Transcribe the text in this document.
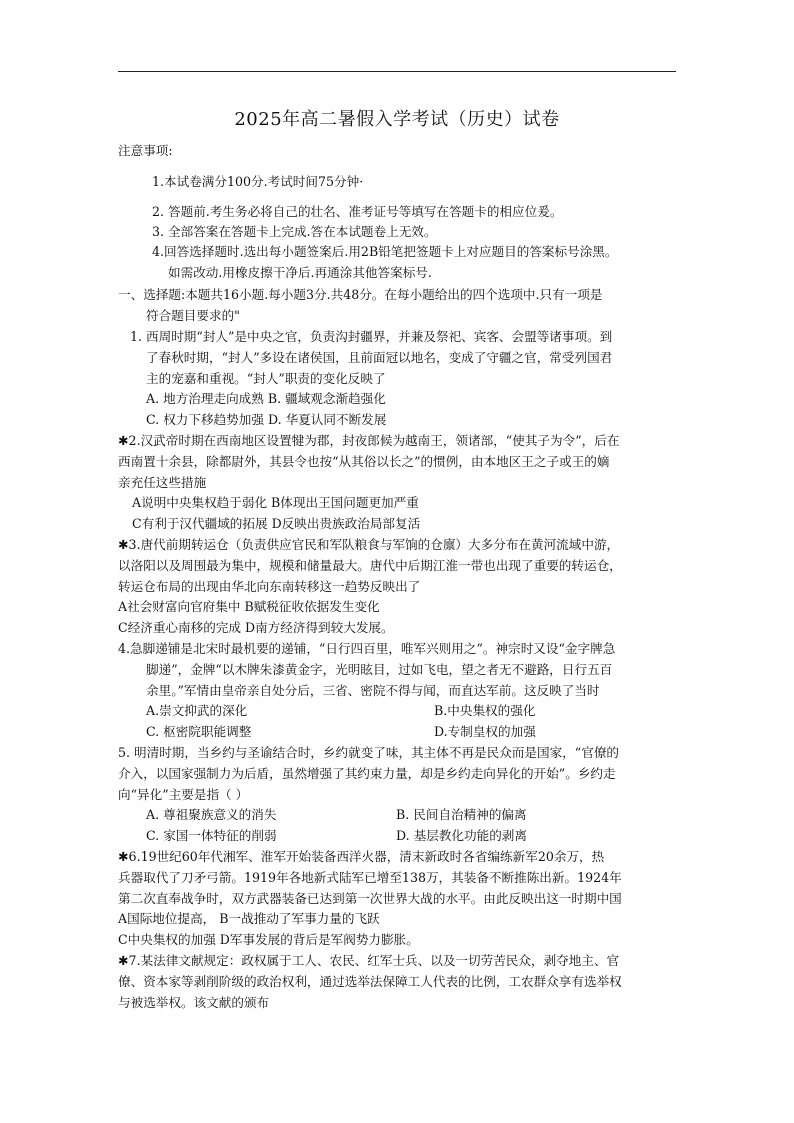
2025年高二暑假入学考试（历史）试卷
注意事项:
1.本试卷满分100分.考试时间75分钟·
2. 答题前.考生务必将自己的壮名、准考证号等填写在答题卡的相应位爰。
3. 全部答案在答题卡上完成.答在本试题卷上无效。
4.回答选择题时.选出每小题签案后.用2B铅笔把签题卡上对应题目的答案标号涂黑。
如需改动.用橡皮擦干净后.再通涂其他答案标号.
一、选择题:本题共16小题.每小题3分.共48分。在每小题给出的四个选项中.只有一项是
符合题目要求的"
1. 西周时期“封人”是中央之官，负责沟封疆界，并兼及祭祀、宾客、会盟等诸事项。到
了春秋时期，“封人”多设在诸侯国，且前面冠以地名，变成了守疆之官，常受列国君
主的宠嘉和重视。“封人”职责的变化反映了
A. 地方治理走向成熟 B. 疆域观念渐趋强化
C. 权力下移趋势加强 D. 华夏认同不断发展
✱2.汉武帝时期在西南地区设置犍为郡，封夜郎候为越南王，领诸部，“使其子为令”，后在
西南置十余县，除都尉外，其县令也按“从其俗以长之”的惯例，由本地区王之子或王的嫡
亲充任这些措施
A说明中央集权趋于弱化 B体现出王国问题更加严重
C有利于汉代疆域的拓展 D反映出贵族政治局部复活
✱3.唐代前期转运仓（负责供应官民和军队粮食与军饷的仓廪）大多分布在黄河流域中游，
以洛阳以及周围最为集中，规模和储量最大。唐代中后期江淮一带也出现了重要的转运仓，
转运仓布局的出现由华北向东南转移这一趋势反映出了
A社会财富向官府集中 B赋税征收依据发生变化
C经济重心南移的完成 D南方经济得到较大发展。
4.急脚递铺是北宋时最机要的递铺，“日行四百里，唯军兴则用之”。神宗时又设“金字牌急
脚递”，金牌“以木牌朱漆黄金字，光明眩目，过如飞电，望之者无不避路，日行五百
余里。”军情由皇帝亲自处分后，三省、密院不得与闻，而直达军前。这反映了当时
A.崇文抑武的深化	B.中央集权的强化
C. 枢密院职能调整	D.专制皇权的加强
5. 明清时期，当乡约与圣谕结合时，乡约就变了味，其主体不再是民众而是国家，“官僚的
介入，以国家强制力为后盾，虽然增强了其约束力量，却是乡约走向异化的开始”。乡约走
向“异化”主要是指（ ）
A. 尊祖聚族意义的消失	B. 民间自治精神的偏离
C. 家国一体特征的削弱	D. 基层教化功能的剥离
✱6.19世纪60年代湘军、淮军开始装备西洋火器，清末新政时各省编练新军20余万，热
兵器取代了刀矛弓箭。1919年各地新式陆军已增至138万，其装备不断推陈出新。1924年
第二次直奉战争时，双方武器装备已达到第一次世界大战的水平。由此反映出这一时期中国
A国际地位提高， B一战推动了军事力量的飞跃
C中央集权的加强 D军事发展的背后是军阀势力膨胀。
✱7.某法律文献规定：政权属于工人、农民、红军士兵、以及一切劳苦民众，剥夺地主、官
僚、资本家等剥削阶级的政治权利，通过选举法保障工人代表的比例，工农群众享有选举权
与被选举权。该文献的颁布
